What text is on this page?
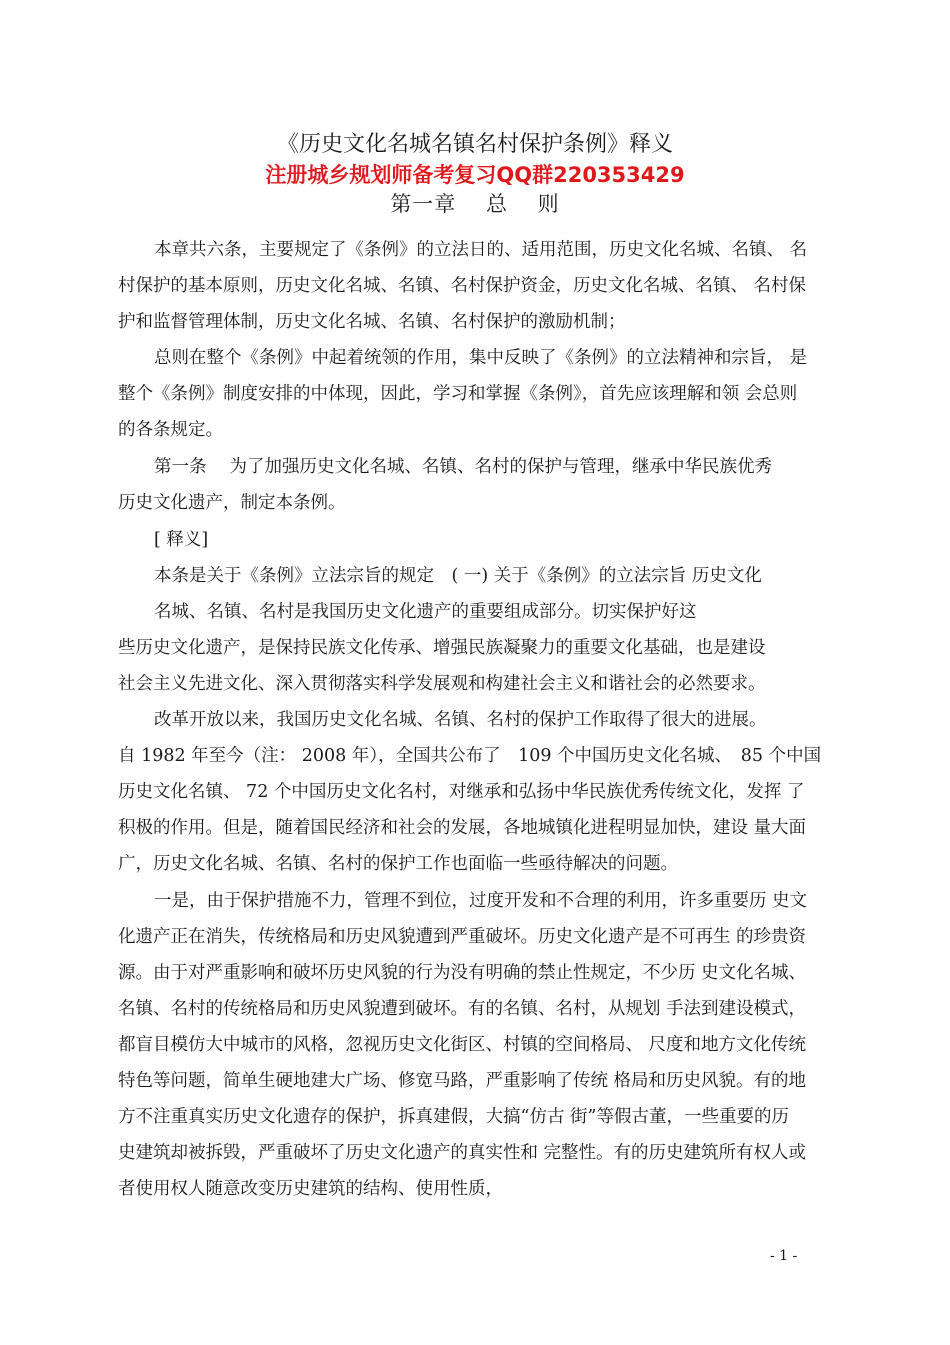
《历史文化名城名镇名村保护条例》释义
注册城乡规划师备考复习QQ群220353429
第一章　 总　 则
本章共六条，主要规定了《条例》的立法日的、适用范围，历史文化名城、名镇、 名
村保护的基本原则，历史文化名城、名镇、名村保护资金，历史文化名城、名镇、 名村保
护和监督管理体制，历史文化名城、名镇、名村保护的激励机制；
总则在整个《条例》中起着统领的作用，集中反映了《条例》的立法精神和宗旨， 是
整个《条例》制度安排的中体现，因此，学习和掌握《条例》，首先应该理解和领 会总则
的各条规定。
第一条　 为了加强历史文化名城、名镇、名村的保护与管理，继承中华民族优秀
历史文化遗产，制定本条例。
[ 释义]
本条是关于《条例》立法宗旨的规定　( 一) 关于《条例》的立法宗旨 历史文化
名城、名镇、名村是我国历史文化遗产的重要组成部分。切实保护好这
些历史文化遗产，是保持民族文化传承、增强民族凝聚力的重要文化基础，也是建设
社会主义先进文化、深入贯彻落实科学发展观和构建社会主义和谐社会的必然要求。
改革开放以来，我国历史文化名城、名镇、名村的保护工作取得了很大的进展。
自 1982 年至今（注： 2008 年），全国共公布了　109 个中国历史文化名城、　85 个中国
历史文化名镇、 72 个中国历史文化名村，对继承和弘扬中华民族优秀传统文化，发挥 了
积极的作用。但是，随着国民经济和社会的发展，各地城镇化进程明显加快，建设 量大面
广，历史文化名城、名镇、名村的保护工作也面临一些亟待解决的问题。
一是，由于保护措施不力，管理不到位，过度开发和不合理的利用，许多重要历 史文
化遗产正在消失，传统格局和历史风貌遭到严重破坏。历史文化遗产是不可再生 的珍贵资
源。由于对严重影响和破坏历史风貌的行为没有明确的禁止性规定，不少历 史文化名城、
名镇、名村的传统格局和历史风貌遭到破坏。有的名镇、名村，从规划 手法到建设模式，
都盲目模仿大中城市的风格，忽视历史文化街区、村镇的空间格局、 尺度和地方文化传统
特色等问题，简单生硬地建大广场、修宽马路，严重影响了传统 格局和历史风貌。有的地
方不注重真实历史文化遗存的保护，拆真建假，大搞“仿古 街”等假古董，一些重要的历
史建筑却被拆毁，严重破坏了历史文化遗产的真实性和 完整性。有的历史建筑所有权人或
者使用权人随意改变历史建筑的结构、使用性质，
- 1 -
